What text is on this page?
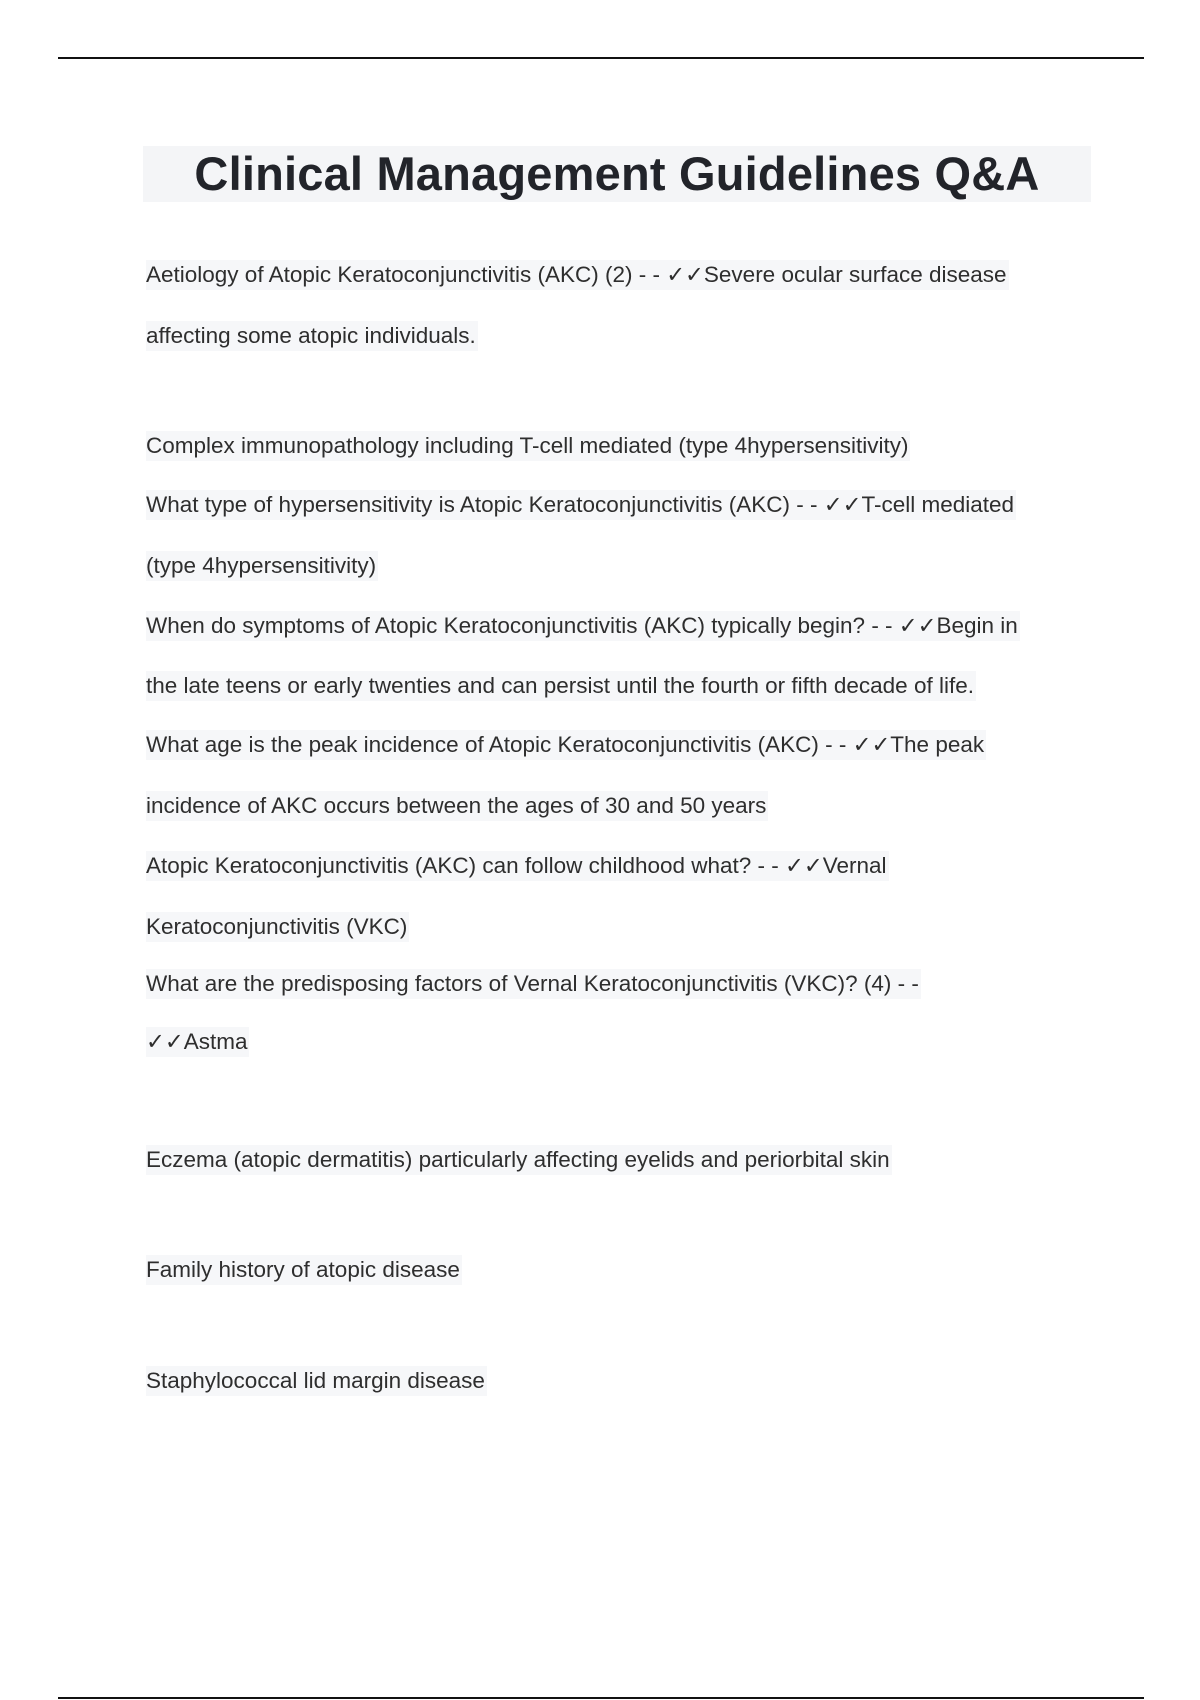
Clinical Management Guidelines Q&A
Aetiology of Atopic Keratoconjunctivitis (AKC) (2) - - ✓✓Severe ocular surface disease
affecting some atopic individuals.
Complex immunopathology including T-cell mediated (type 4hypersensitivity)
What type of hypersensitivity is Atopic Keratoconjunctivitis (AKC) - - ✓✓T-cell mediated
(type 4hypersensitivity)
When do symptoms of Atopic Keratoconjunctivitis (AKC) typically begin? - - ✓✓Begin in
the late teens or early twenties and can persist until the fourth or fifth decade of life.
What age is the peak incidence of Atopic Keratoconjunctivitis (AKC) - - ✓✓The peak
incidence of AKC occurs between the ages of 30 and 50 years
Atopic Keratoconjunctivitis (AKC) can follow childhood what? - - ✓✓Vernal
Keratoconjunctivitis (VKC)
What are the predisposing factors of Vernal Keratoconjunctivitis (VKC)? (4) - -
✓✓Astma
Eczema (atopic dermatitis) particularly affecting eyelids and periorbital skin
Family history of atopic disease
Staphylococcal lid margin disease
